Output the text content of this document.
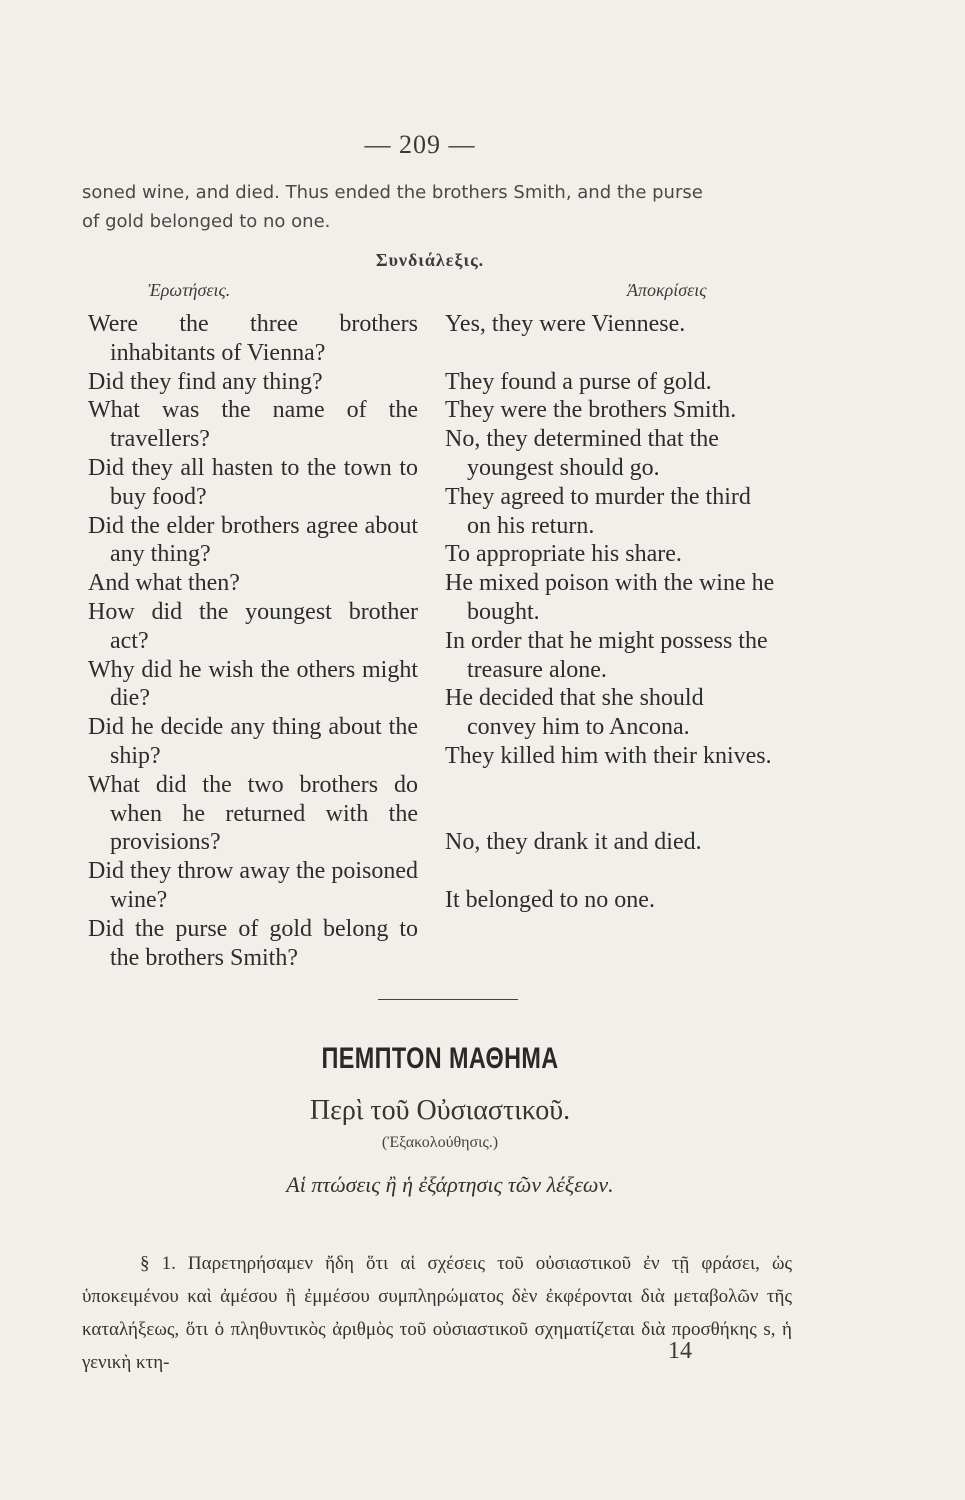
— 209 —

soned wine, and died. Thus ended the brothers Smith, and the purse

of gold belonged to no one.

Συνδιάλεξις.
Ἐρωτήσεις.	Ἀποκρίσεις
Were the three brothers inhabitants of Vienna?
Did they find any thing?
What was the name of the travellers?
Did they all hasten to the town to buy food?
Did the elder brothers agree about any thing?
And what then?
How did the youngest brother act?
Why did he wish the others might die?
Did he decide any thing about the ship?
What did the two brothers do when he returned with the provisions?
Did they throw away the poisoned wine?
Did the purse of gold belong to the brothers Smith?
Yes, they were Viennese.
They found a purse of gold.
They were the brothers Smith.
No, they determined that the youngest should go.
They agreed to murder the third on his return.
To appropriate his share.
He mixed poison with the wine he bought.
In order that he might possess the treasure alone.
He decided that she should convey him to Ancona.
They killed him with their knives.
No, they drank it and died.
It belonged to no one.
ΠΕΜΠΤΟΝ ΜΑΘΗΜΑ
Περὶ τοῦ Οὐσιαστικοῦ.
(Ἐξακολούθησις.)
Αἱ πτώσεις ἢ ἡ ἐξάρτησις τῶν λέξεων.

§ 1. Παρετηρήσαμεν ἤδη ὅτι αἱ σχέσεις τοῦ οὐσιαστικοῦ ἐν τῇ φράσει, ὡς ὑποκειμένου καὶ ἀμέσου ἢ ἐμμέσου συμπληρώματος δὲν ἐκφέρονται διὰ μεταβολῶν τῆς καταλήξεως, ὅτι ὁ πληθυντικὸς ἀριθμὸς τοῦ οὐσιαστικοῦ σχηματίζεται διὰ προσθήκης s, ἡ γενικὴ κτη-	14
